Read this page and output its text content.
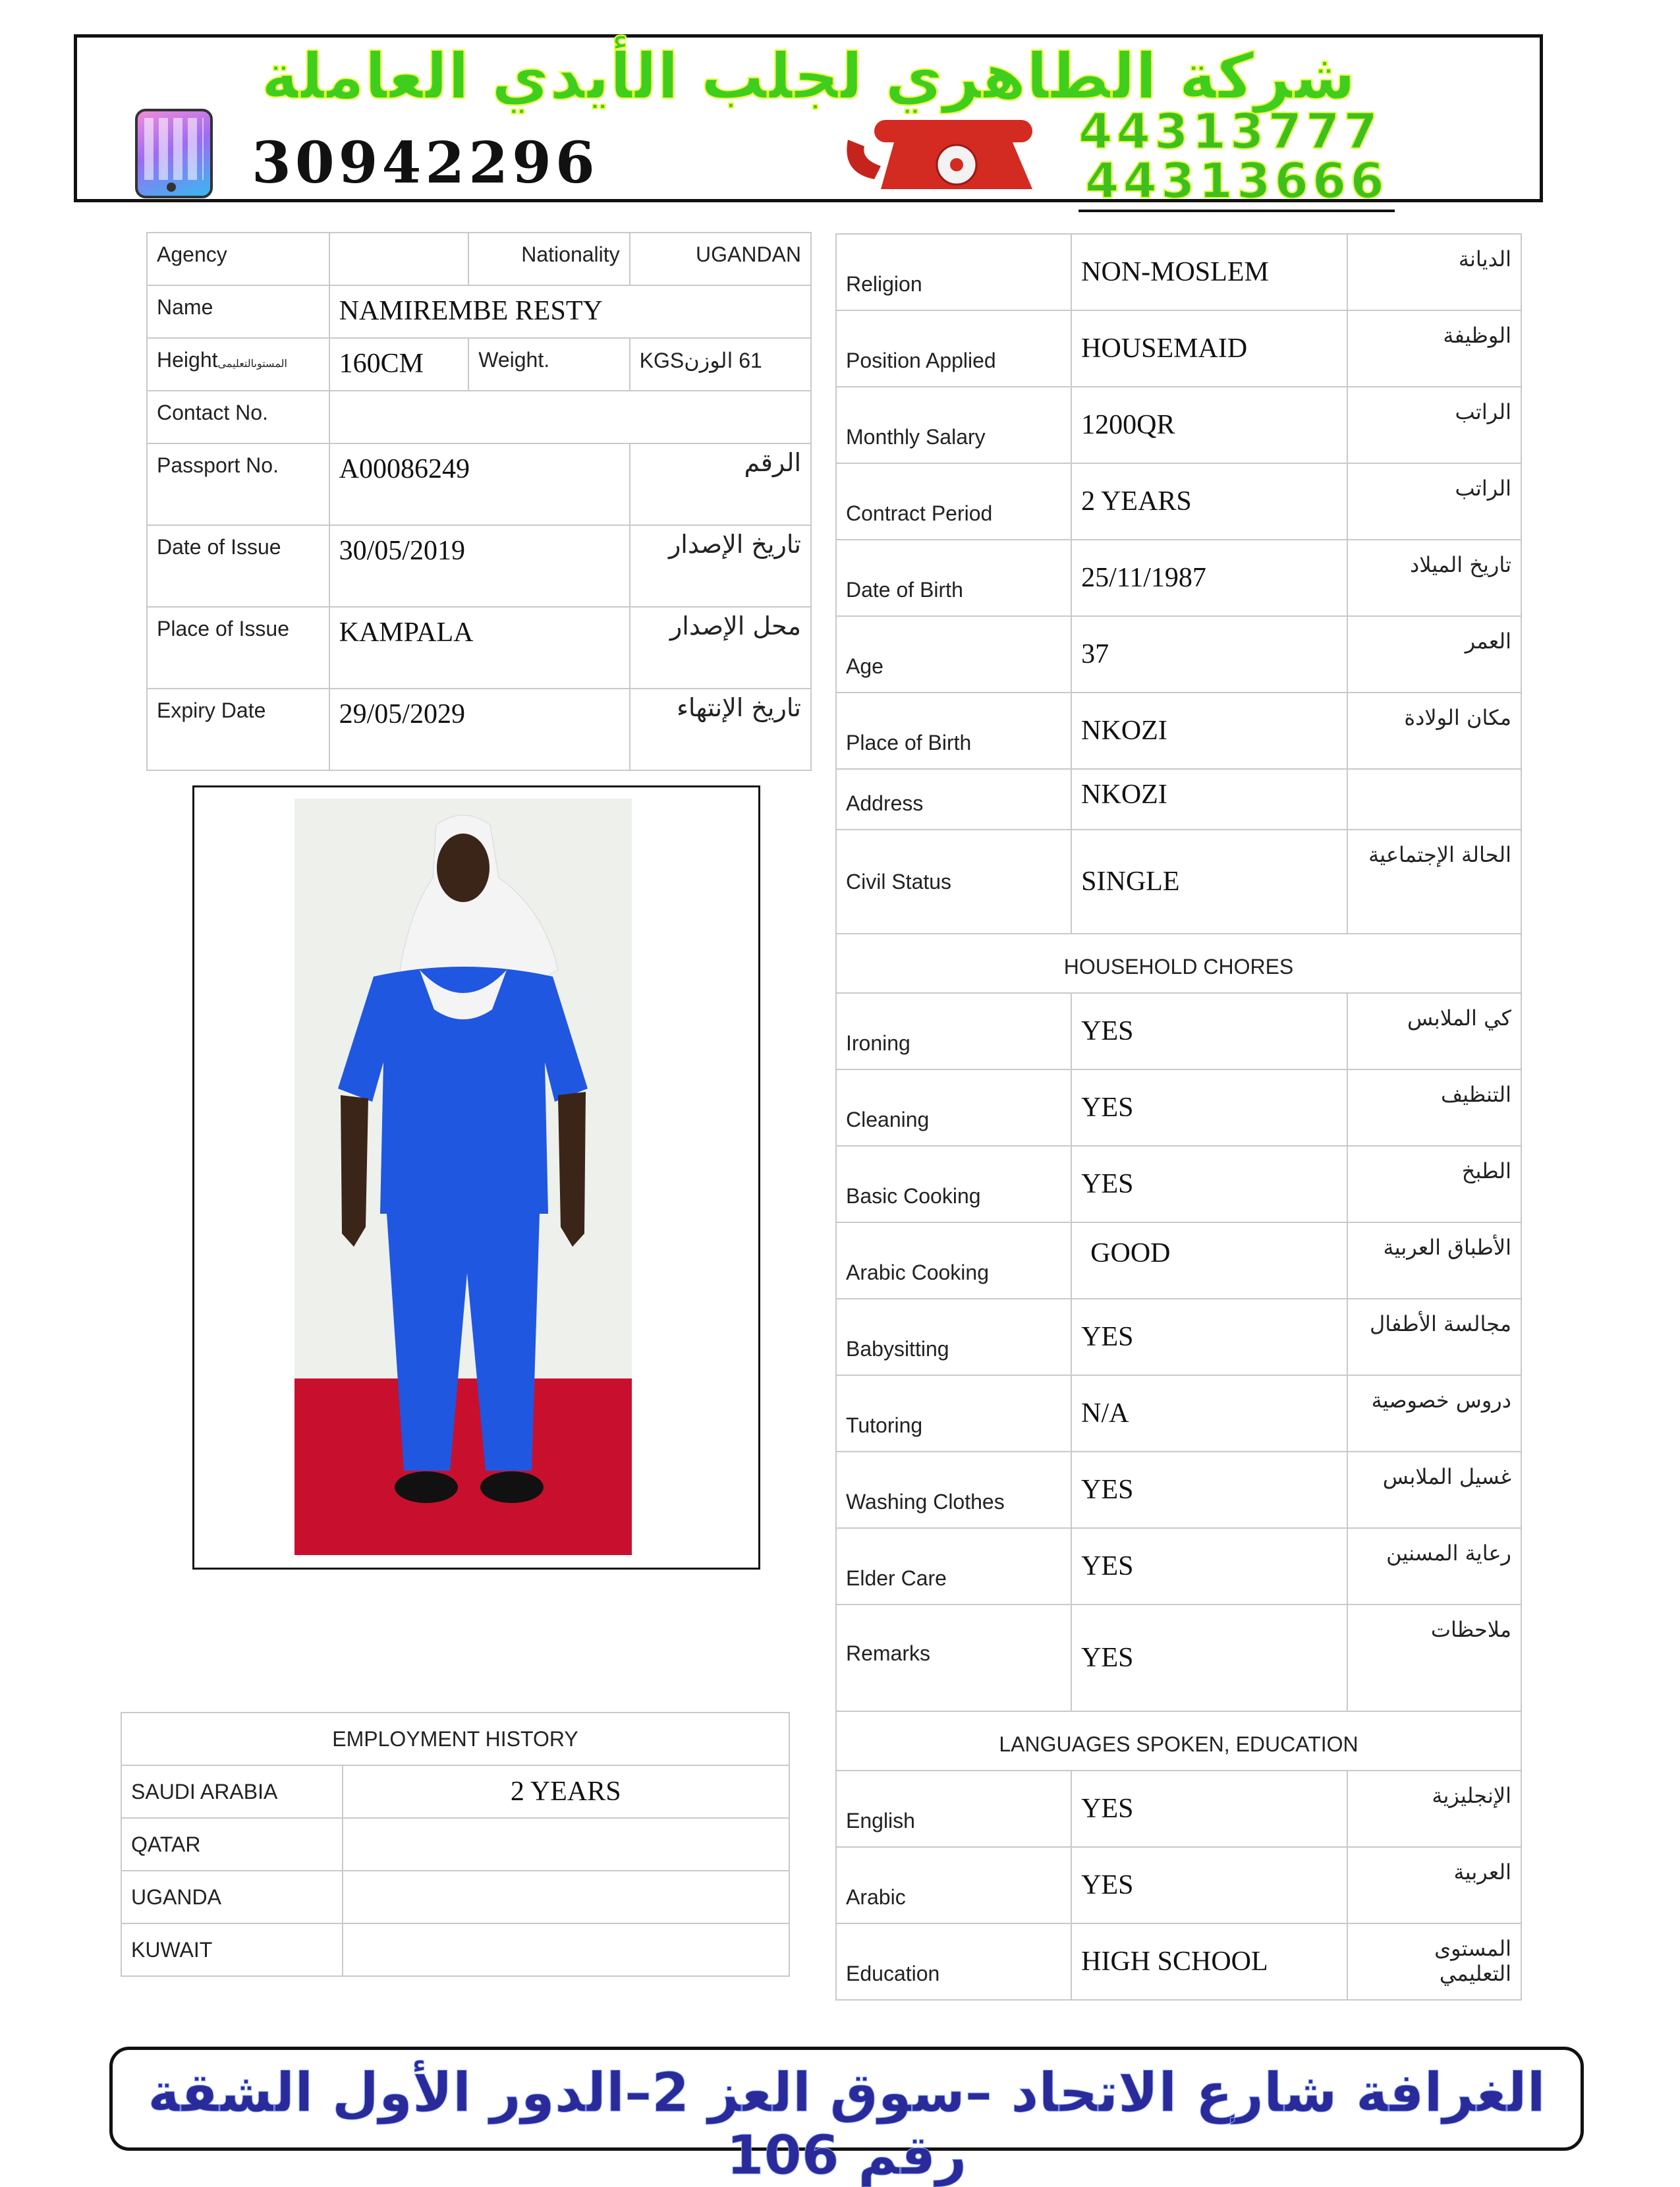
شركة الطاهري لجلب الأيدي العاملة
30942296	44313777
44313666
Agency		Nationality	UGANDAN
Name	NAMIREMBE RESTY		
Heightالمستوىالتعليمى	160CM	Weight.	61 الوزنKGS
Contact No.			
Passport No.	A00086249		الرقم
Date of Issue	30/05/2019		تاريخ الإصدار
Place of Issue	KAMPALA		محل الإصدار
Expiry Date	29/05/2029		تاريخ الإنتهاء
Religion	NON-MOSLEM	الديانة
Position Applied	HOUSEMAID	الوظيفة
Monthly Salary	1200QR	الراتب
Contract Period	2 YEARS	الراتب
Date of Birth	25/11/1987	تاريخ الميلاد
Age	37	العمر
Place of Birth	NKOZI	مكان الولادة
Address	NKOZI	
Civil Status	SINGLE	الحالة الإجتماعية
HOUSEHOLD CHORES		
Ironing	YES	كي الملابس
Cleaning	YES	التنظيف
Basic Cooking	YES	الطبخ
Arabic Cooking	GOOD	الأطباق العربية
Babysitting	YES	مجالسة الأطفال
Tutoring	N/A	دروس خصوصية
Washing Clothes	YES	غسيل الملابس
Elder Care	YES	رعاية المسنين
Remarks	YES	ملاحظات
LANGUAGES SPOKEN, EDUCATION		
English	YES	الإنجليزية
Arabic	YES	العربية
Education	HIGH SCHOOL	المستوى التعليمي
EMPLOYMENT HISTORY	
SAUDI ARABIA	2 YEARS
QATAR	
UGANDA	
KUWAIT	
الغرافة شارع الاتحاد –سوق العز 2–الدور الأول الشقة رقم 106
